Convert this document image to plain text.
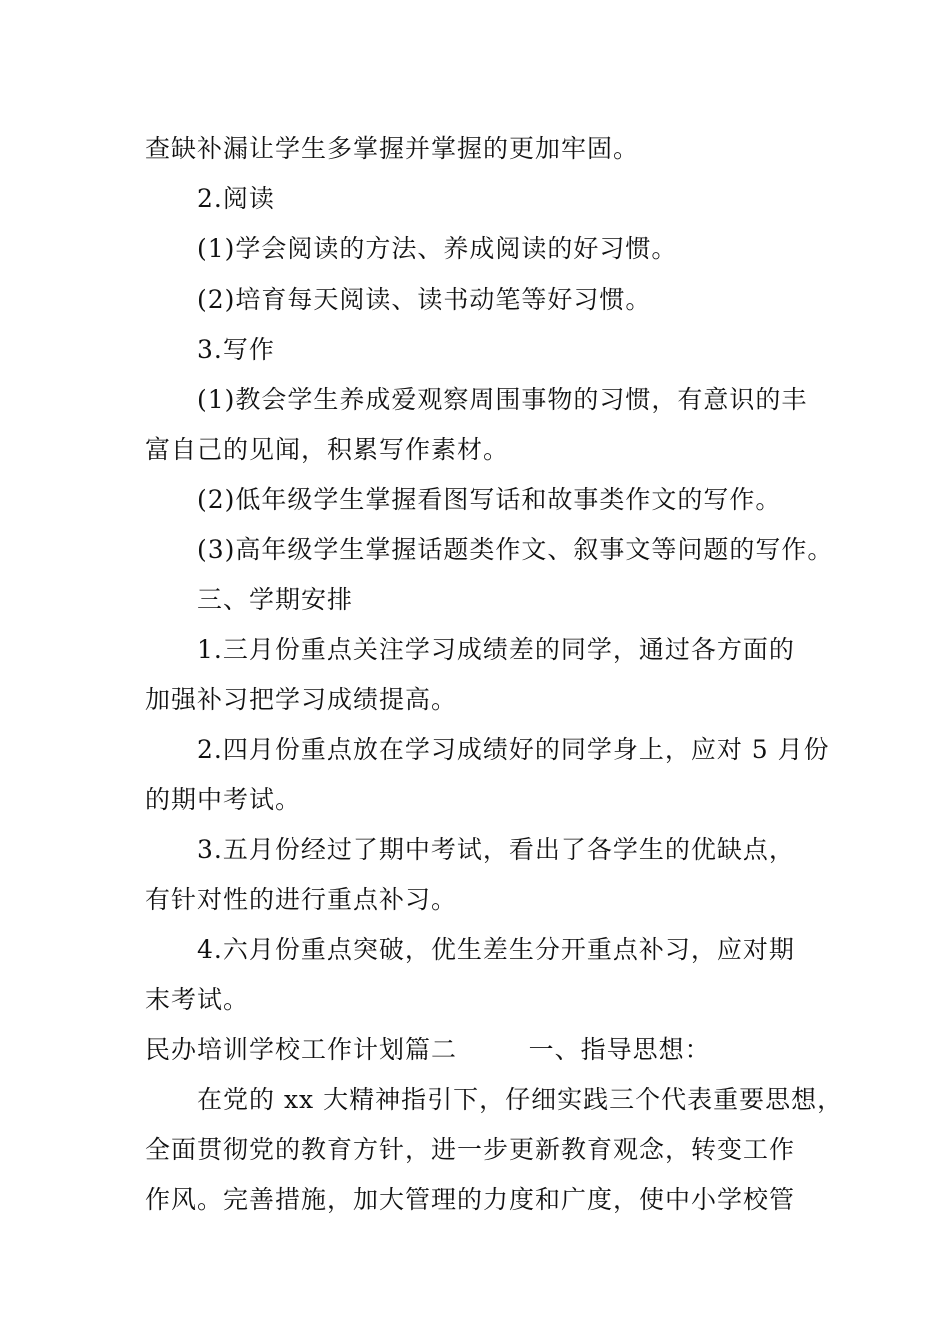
查缺补漏让学生多掌握并掌握的更加牢固。
2.阅读
(1)学会阅读的方法、养成阅读的好习惯。
(2)培育每天阅读、读书动笔等好习惯。
3.写作
(1)教会学生养成爱观察周围事物的习惯，有意识的丰
富自己的见闻，积累写作素材。
(2)低年级学生掌握看图写话和故事类作文的写作。
(3)高年级学生掌握话题类作文、叙事文等问题的写作。
三、学期安排
1.三月份重点关注学习成绩差的同学，通过各方面的
加强补习把学习成绩提高。
2.四月份重点放在学习成绩好的同学身上，应对 5 月份
的期中考试。
3.五月份经过了期中考试，看出了各学生的优缺点，
有针对性的进行重点补习。
4.六月份重点突破，优生差生分开重点补习，应对期
末考试。
民办培训学校工作计划篇二        一、指导思想：
在党的 xx 大精神指引下，仔细实践三个代表重要思想，
全面贯彻党的教育方针，进一步更新教育观念，转变工作
作风。完善措施，加大管理的力度和广度，使中小学校管
